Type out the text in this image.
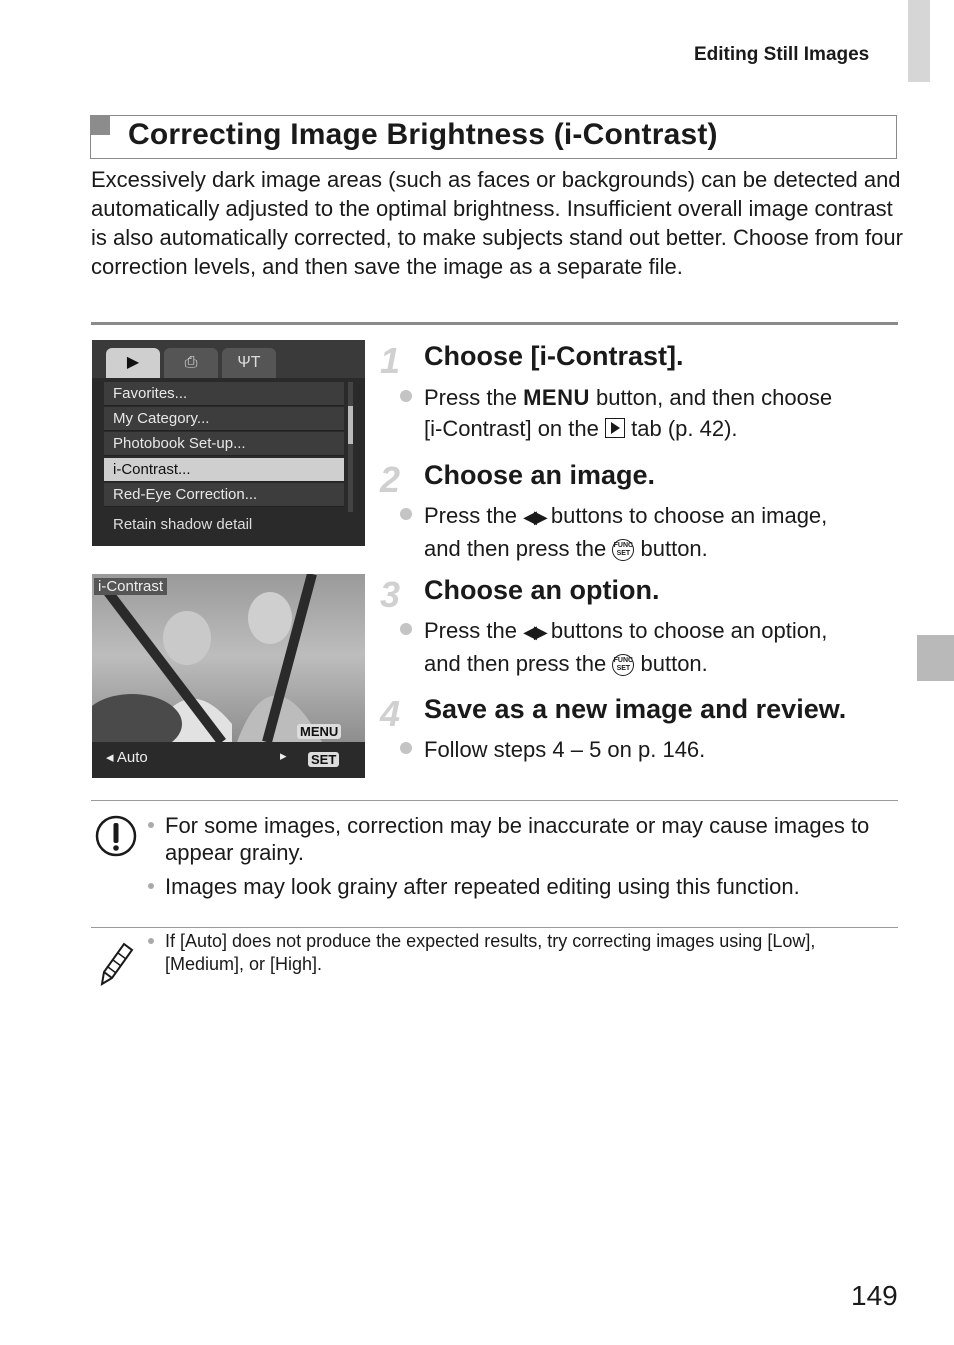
Editing Still Images
Correcting Image Brightness (i-Contrast)
Excessively dark image areas (such as faces or backgrounds) can be detected and automatically adjusted to the optimal brightness. Insufficient overall image contrast is also automatically corrected, to make subjects stand out better. Choose from four correction levels, and then save the image as a separate file.
▶	⎙	ΨT
Favorites...
My Category...
Photobook Set-up...
i-Contrast...
Red-Eye Correction...
Retain shadow detail
i-Contrast
◂ Auto	▸
MENU
SET
1 Choose [i-Contrast].
Press the MENU button, and then choose
[i-Contrast] on the tab (p. 42).
2 Choose an image.
Press the ◀▶ buttons to choose an image,
and then press the FUNC SET button.
3 Choose an option.
Press the ◀▶ buttons to choose an option,
and then press the FUNC SET button.
4 Save as a new image and review.
Follow steps 4 – 5 on p. 146.
For some images, correction may be inaccurate or may cause images to appear grainy.
Images may look grainy after repeated editing using this function.
If [Auto] does not produce the expected results, try correcting images using [Low], [Medium], or [High].
149
